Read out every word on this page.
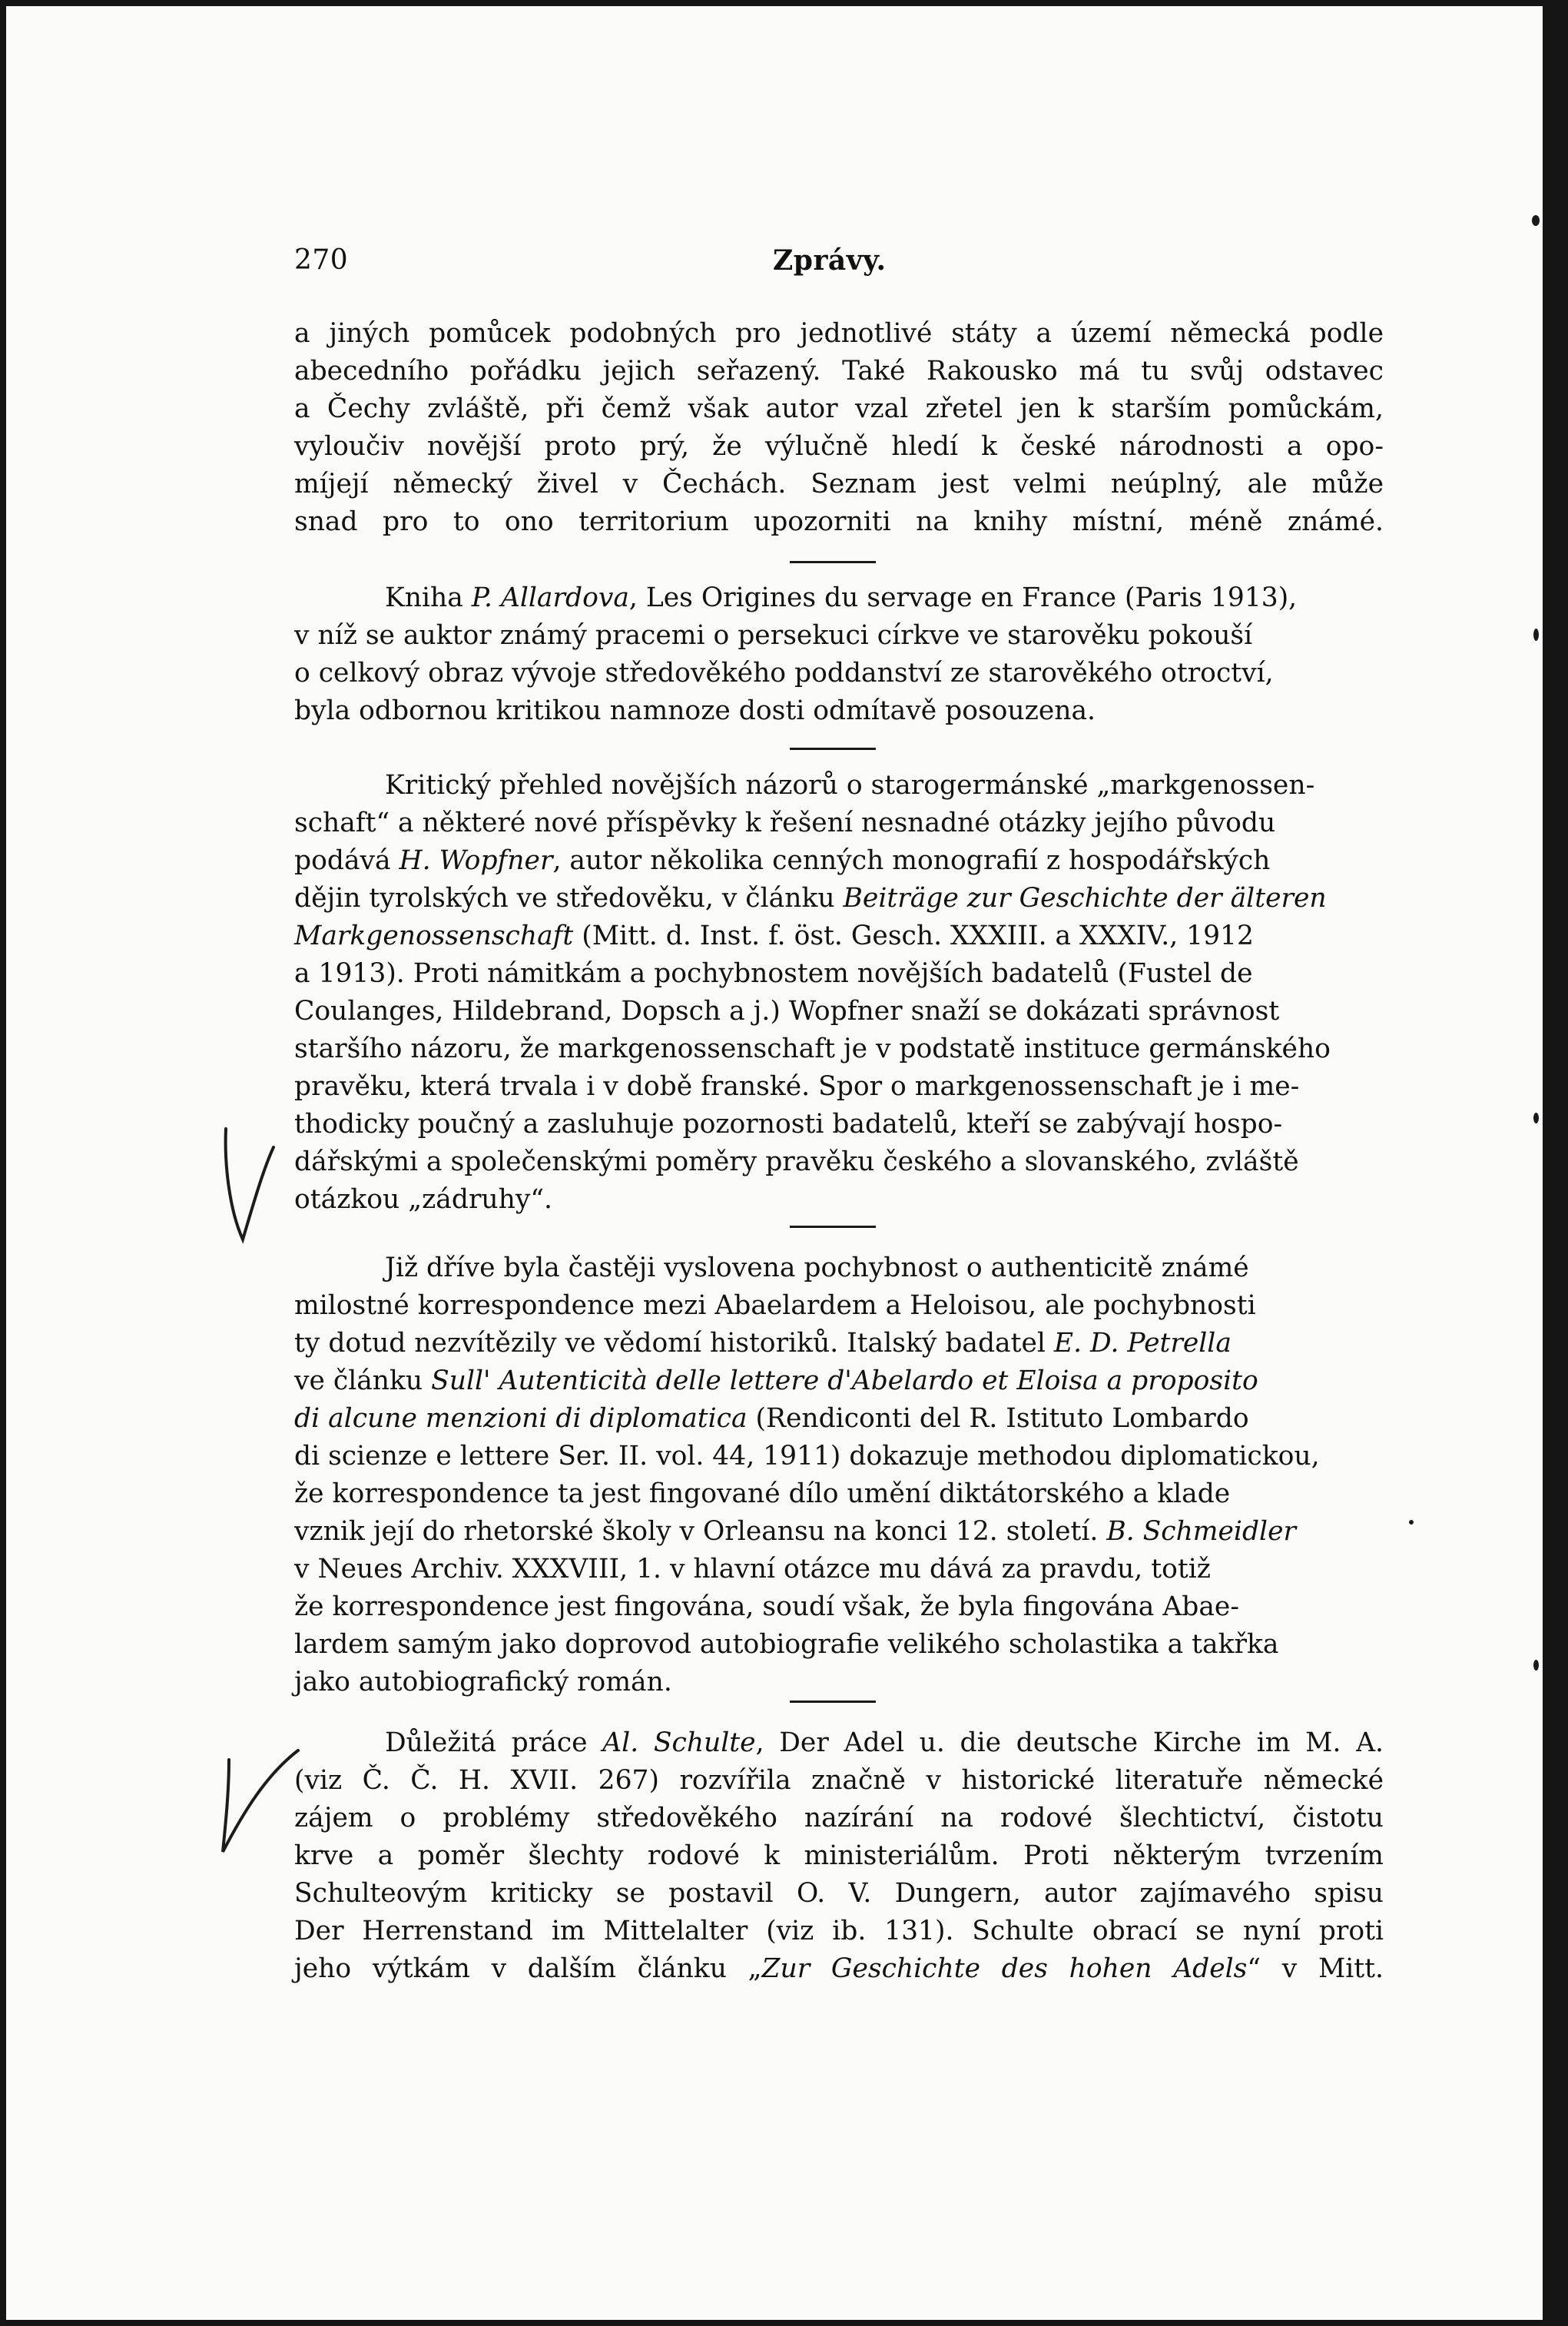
270	Zprávy.

a jiných pomůcek podobných pro jednotlivé státy a území německá podle
abecedního pořádku jejich seřazený. Také Rakousko má tu svůj odstavec
a Čechy zvláště, při čemž však autor vzal zřetel jen k starším pomůckám,
vyloučiv novější proto prý, že výlučně hledí k české národnosti a opo-
míjejí německý živel v Čechách. Seznam jest velmi neúplný, ale může
snad pro to ono territorium upozorniti na knihy místní, méně známé.

Kniha P. Allardova, Les Origines du servage en France (Paris 1913),
v níž se auktor známý pracemi o persekuci církve ve starověku pokouší
o celkový obraz vývoje středověkého poddanství ze starověkého otroctví,
byla odbornou kritikou namnoze dosti odmítavě posouzena.

Kritický přehled novějších názorů o starogermánské „markgenossen-
schaft“ a některé nové příspěvky k řešení nesnadné otázky jejího původu
podává H. Wopfner, autor několika cenných monografií z hospodářských
dějin tyrolských ve středověku, v článku Beiträge zur Geschichte der älteren
Markgenossenschaft (Mitt. d. Inst. f. öst. Gesch. XXXIII. a XXXIV., 1912
a 1913). Proti námitkám a pochybnostem novějších badatelů (Fustel de
Coulanges, Hildebrand, Dopsch a j.) Wopfner snaží se dokázati správnost
staršího názoru, že markgenossenschaft je v podstatě instituce germánského
pravěku, která trvala i v době franské. Spor o markgenossenschaft je i me-
thodicky poučný a zasluhuje pozornosti badatelů, kteří se zabývají hospo-
dářskými a společenskými poměry pravěku českého a slovanského, zvláště
otázkou „zádruhy“.

Již dříve byla častěji vyslovena pochybnost o authenticitě známé
milostné korrespondence mezi Abaelardem a Heloisou, ale pochybnosti
ty dotud nezvítězily ve vědomí historiků. Italský badatel E. D. Petrella
ve článku Sull' Autenticità delle lettere d'Abelardo et Eloisa a proposito
di alcune menzioni di diplomatica (Rendiconti del R. Istituto Lombardo
di scienze e lettere Ser. II. vol. 44, 1911) dokazuje methodou diplomatickou,
že korrespondence ta jest fingované dílo umění diktátorského a klade
vznik její do rhetorské školy v Orleansu na konci 12. století. B. Schmeidler
v Neues Archiv. XXXVIII, 1. v hlavní otázce mu dává za pravdu, totiž
že korrespondence jest fingována, soudí však, že byla fingována Abae-
lardem samým jako doprovod autobiografie velikého scholastika a takřka
jako autobiografický román.

Důležitá práce Al. Schulte, Der Adel u. die deutsche Kirche im M. A.
(viz Č. Č. H. XVII. 267) rozvířila značně v historické literatuře německé
zájem o problémy středověkého nazírání na rodové šlechtictví, čistotu
krve a poměr šlechty rodové k ministeriálům. Proti některým tvrzením
Schulteovým kriticky se postavil O. V. Dungern, autor zajímavého spisu
Der Herrenstand im Mittelalter (viz ib. 131). Schulte obrací se nyní proti
jeho výtkám v dalším článku „Zur Geschichte des hohen Adels“ v Mitt.
